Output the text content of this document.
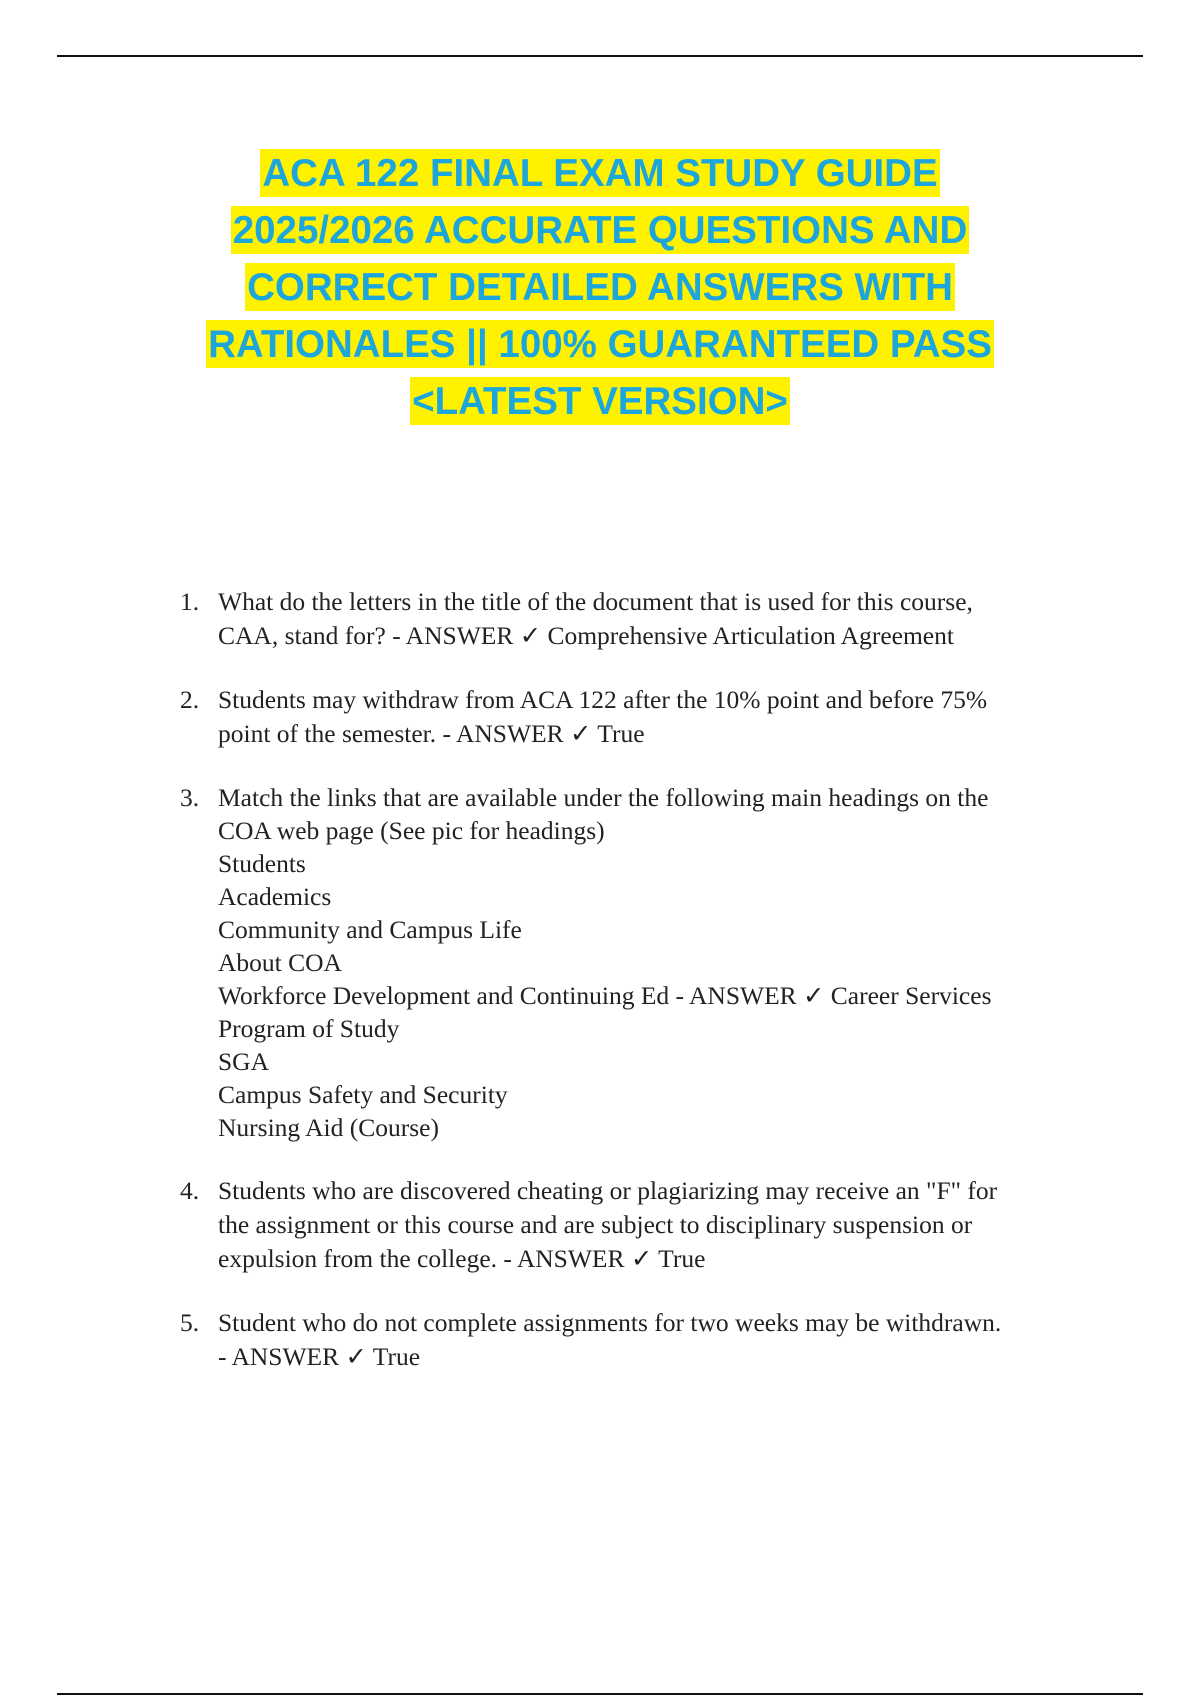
ACA 122 FINAL EXAM STUDY GUIDE
2025/2026 ACCURATE QUESTIONS AND
CORRECT DETAILED ANSWERS WITH
RATIONALES || 100% GUARANTEED PASS
<LATEST VERSION>
1. What do the letters in the title of the document that is used for this course,
CAA, stand for? - ANSWER ✓ Comprehensive Articulation Agreement
2. Students may withdraw from ACA 122 after the 10% point and before 75%
point of the semester. - ANSWER ✓ True
3. Match the links that are available under the following main headings on the
COA web page (See pic for headings)
Students
Academics
Community and Campus Life
About COA
Workforce Development and Continuing Ed - ANSWER ✓ Career Services
Program of Study
SGA
Campus Safety and Security
Nursing Aid (Course)
4. Students who are discovered cheating or plagiarizing may receive an "F" for
the assignment or this course and are subject to disciplinary suspension or
expulsion from the college. - ANSWER ✓ True
5. Student who do not complete assignments for two weeks may be withdrawn.
- ANSWER ✓ True
